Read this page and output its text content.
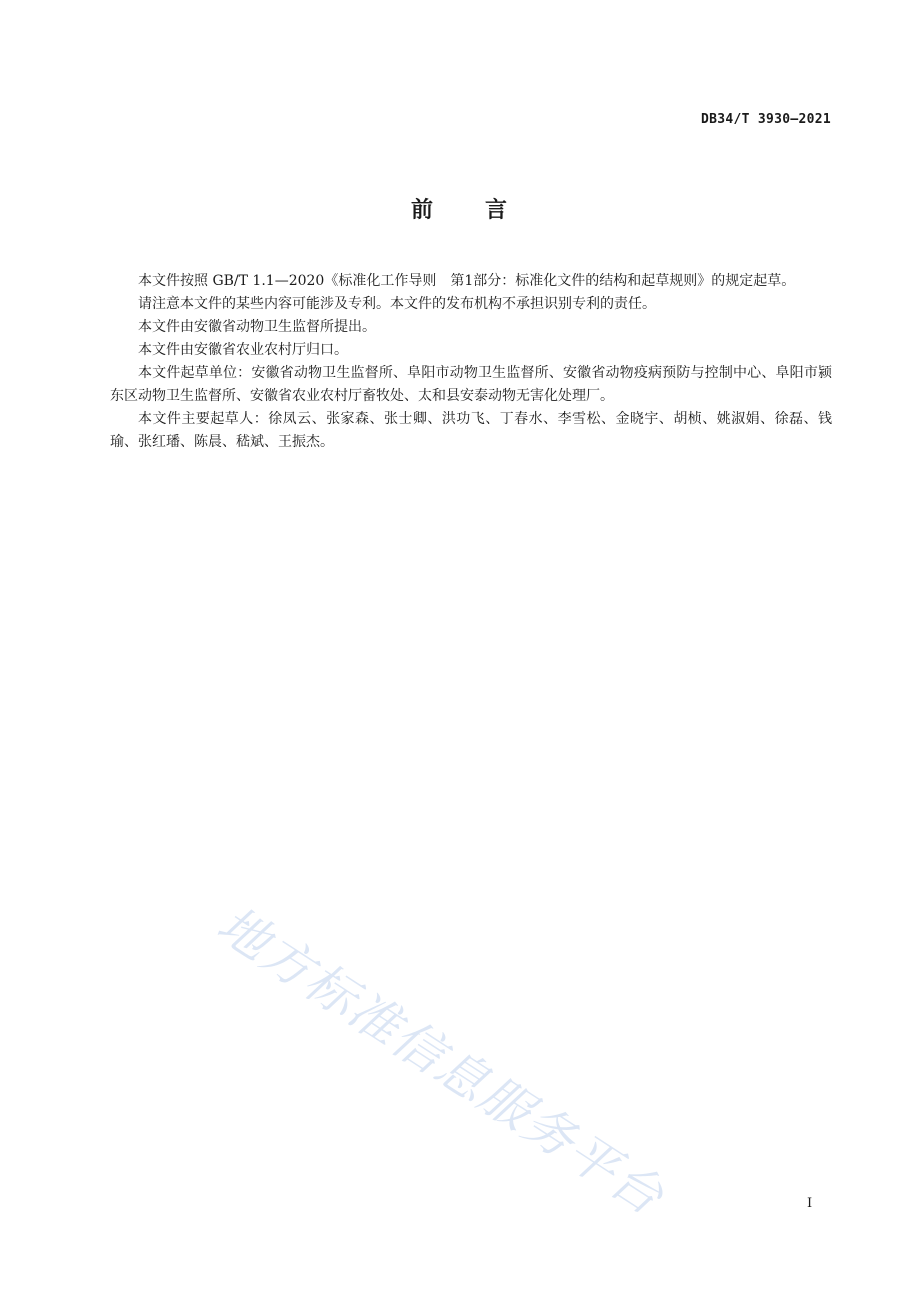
DB34/T 3930—2021
前 言

本文件按照 GB/T 1.1—2020《标准化工作导则　第1部分：标准化文件的结构和起草规则》的规定起草。

请注意本文件的某些内容可能涉及专利。本文件的发布机构不承担识别专利的责任。

本文件由安徽省动物卫生监督所提出。

本文件由安徽省农业农村厅归口。

本文件起草单位：安徽省动物卫生监督所、阜阳市动物卫生监督所、安徽省动物疫病预防与控制中心、阜阳市颍东区动物卫生监督所、安徽省农业农村厅畜牧处、太和县安泰动物无害化处理厂。

本文件主要起草人：徐凤云、张家森、张士卿、洪功飞、丁春水、李雪松、金晓宇、胡桢、姚淑娟、徐磊、钱瑜、张红璠、陈晨、嵇斌、王振杰。

地方标准信息服务平台	I
